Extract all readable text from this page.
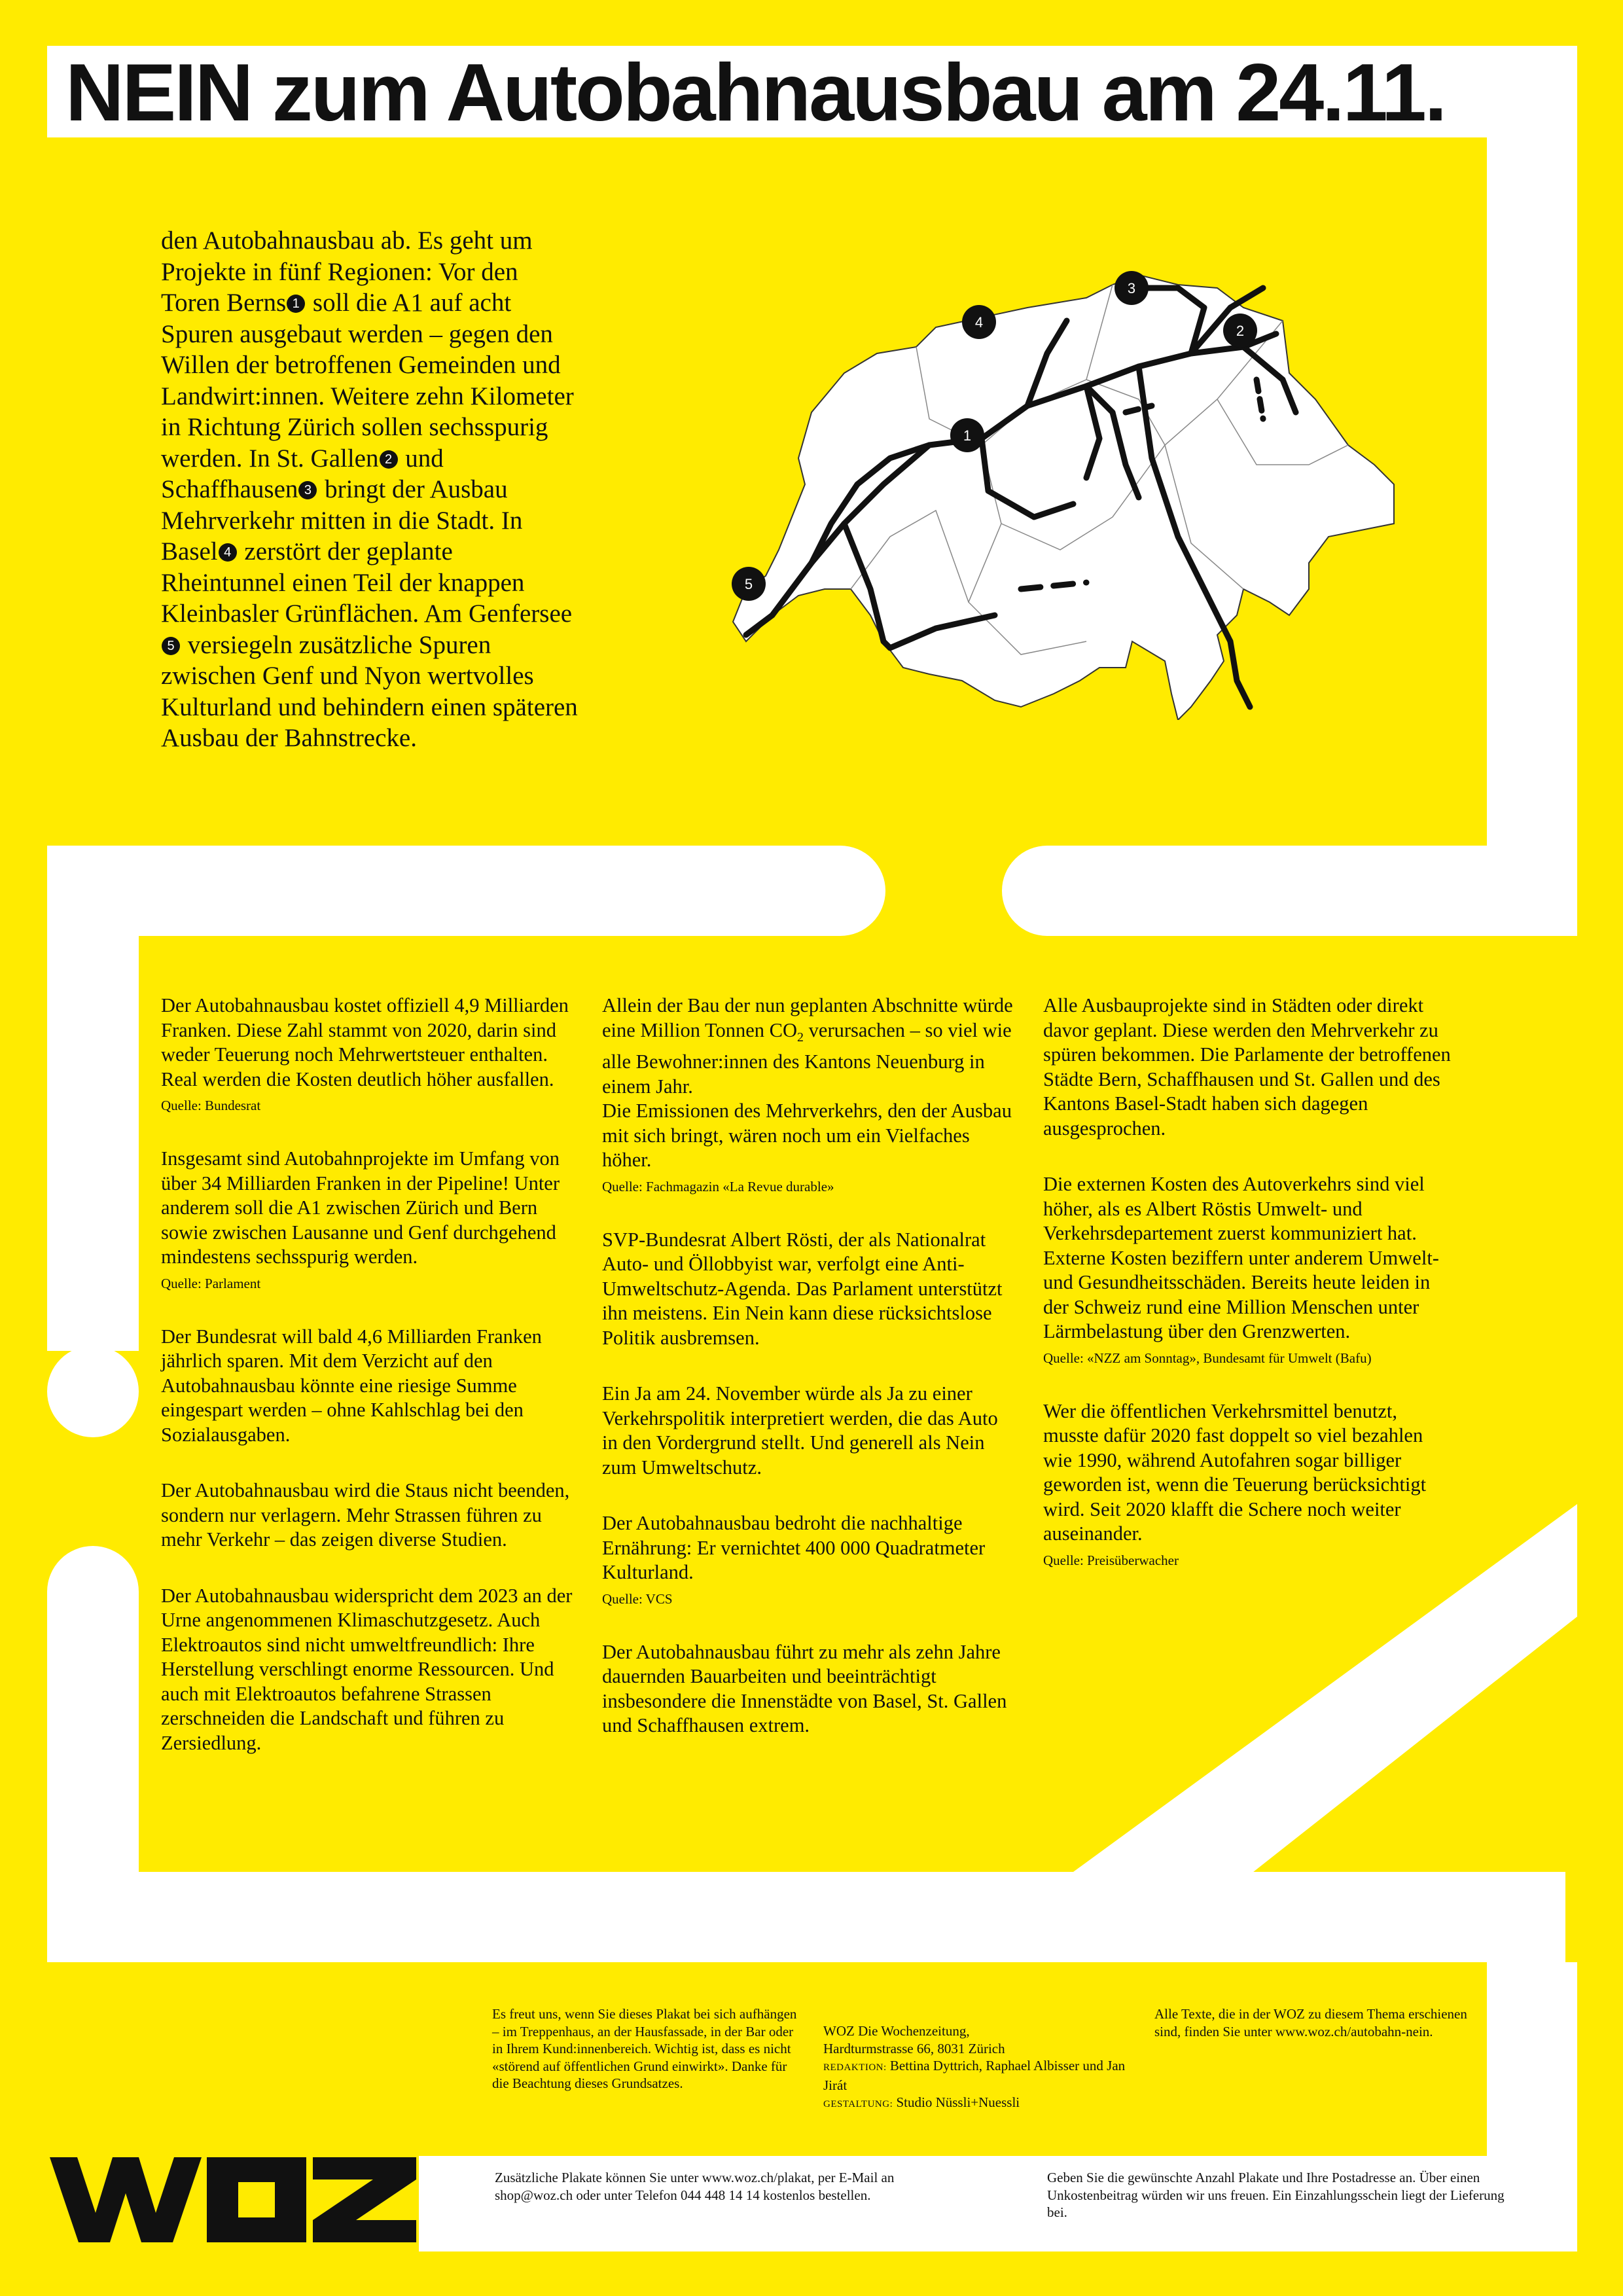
NEIN zum Autobahnausbau am 24.11.

den Autobahnausbau ab. Es geht um Projekte in fünf Regionen: Vor den Toren Berns 1 soll die A1 auf acht Spuren ausgebaut werden – gegen den Willen der betroffenen Gemeinden und Landwirt:innen. Weitere zehn Kilometer in Richtung Zürich sollen sechsspurig werden. In St. Gallen 2 und Schaffhausen 3 bringt der Ausbau Mehrverkehr mitten in die Stadt. In Basel 4 zerstört der geplante Rheintunnel einen Teil der knappen Kleinbasler Grünflächen. Am Genfersee5 versiegeln zusätzliche Spuren zwischen Genf und Nyon wertvolles Kulturland und behindern einen späteren Ausbau der Bahnstrecke.

1
2
3
4
5

Der Autobahnausbau kostet offiziell 4,9 Milliarden Franken. Diese Zahl stammt von 2020, darin sind weder Teuerung noch Mehrwertsteuer enthalten. Real werden die Kosten deutlich höher ausfallen.

Quelle: Bundesrat

Insgesamt sind Autobahnprojekte im Umfang von über 34 Milliarden Franken in der Pipeline! Unter anderem soll die A1 zwischen Zürich und Bern sowie zwischen Lausanne und Genf durchgehend mindestens sechsspurig werden.

Quelle: Parlament

Der Bundesrat will bald 4,6 Milliarden Franken jährlich sparen. Mit dem Verzicht auf den Autobahnausbau könnte eine riesige Summe eingespart werden – ohne Kahlschlag bei den Sozialausgaben.

Der Autobahnausbau wird die Staus nicht beenden, sondern nur verlagern. Mehr Strassen führen zu mehr Verkehr – das zeigen diverse Studien.

Der Autobahnausbau widerspricht dem 2023 an der Urne angenommenen Klimaschutzgesetz. Auch Elektroautos sind nicht umweltfreundlich: Ihre Herstellung verschlingt enorme Ressourcen. Und auch mit Elektroautos befahrene Strassen zerschneiden die Landschaft und führen zu Zersiedlung.

Allein der Bau der nun geplanten Abschnitte würde eine Million Tonnen $CO_2$ verursachen – so viel wie alle Bewohner:innen des Kantons Neuenburg in einem Jahr.
Die Emissionen des Mehrverkehrs, den der Ausbau mit sich bringt, wären noch um ein Vielfaches höher.

Quelle: Fachmagazin «La Revue durable»

SVP-Bundesrat Albert Rösti, der als Nationalrat Auto- und Öllobbyist war, verfolgt eine Anti-Umweltschutz-Agenda. Das Parlament unterstützt ihn meistens. Ein Nein kann diese rücksichtslose Politik ausbremsen.

Ein Ja am 24. November würde als Ja zu einer Verkehrspolitik interpretiert werden, die das Auto in den Vordergrund stellt. Und generell als Nein zum Umweltschutz.

Der Autobahnausbau bedroht die nachhaltige Ernährung: Er vernichtet 400 000 Quadratmeter Kulturland.

Quelle: VCS

Der Autobahnausbau führt zu mehr als zehn Jahre dauernden Bauarbeiten und beeinträchtigt insbesondere die Innenstädte von Basel, St. Gallen und Schaffhausen extrem.

Alle Ausbauprojekte sind in Städten oder direkt davor geplant. Diese werden den Mehrverkehr zu spüren bekommen. Die Parlamente der betroffenen Städte Bern, Schaffhausen und St. Gallen und des Kantons Basel-Stadt haben sich dagegen ausgesprochen.

Die externen Kosten des Autoverkehrs sind viel höher, als es Albert Röstis Umwelt- und Verkehrsdepartement zuerst kommuniziert hat. Externe Kosten beziffern unter anderem Umwelt- und Gesundheitsschäden. Bereits heute leiden in der Schweiz rund eine Million Menschen unter Lärmbelastung über den Grenzwerten.

Quelle: «NZZ am Sonntag», Bundesamt für Umwelt (Bafu)

Wer die öffentlichen Verkehrsmittel benutzt, musste dafür 2020 fast doppelt so viel bezahlen wie 1990, während Autofahren sogar billiger geworden ist, wenn die Teuerung berücksichtigt wird. Seit 2020 klafft die Schere noch weiter auseinander.

Quelle: Preisüberwacher

Es freut uns, wenn Sie dieses Plakat bei sich aufhängen – im Treppenhaus, an der Hausfassade, in der Bar oder in Ihrem Kund:innenbereich. Wichtig ist, dass es nicht «störend auf öffentlichen Grund einwirkt». Danke für die Beachtung dieses Grundsatzes.
WOZ Die Wochenzeitung,
Hardturmstrasse 66, 8031 Zürich
REDAKTION: Bettina Dyttrich, Raphael Albisser und Jan Jirát
GESTALTUNG: Studio Nüssli+Nuessli
Alle Texte, die in der WOZ zu diesem Thema erschienen sind, finden Sie unter www.woz.ch/autobahn-nein.
Zusätzliche Plakate können Sie unter www.woz.ch/plakat, per E-Mail an shop@woz.ch oder unter Telefon 044 448 14 14 kostenlos bestellen.
Geben Sie die gewünschte Anzahl Plakate und Ihre Postadresse an. Über einen Unkostenbeitrag würden wir uns freuen. Ein Einzahlungsschein liegt der Lieferung bei.
